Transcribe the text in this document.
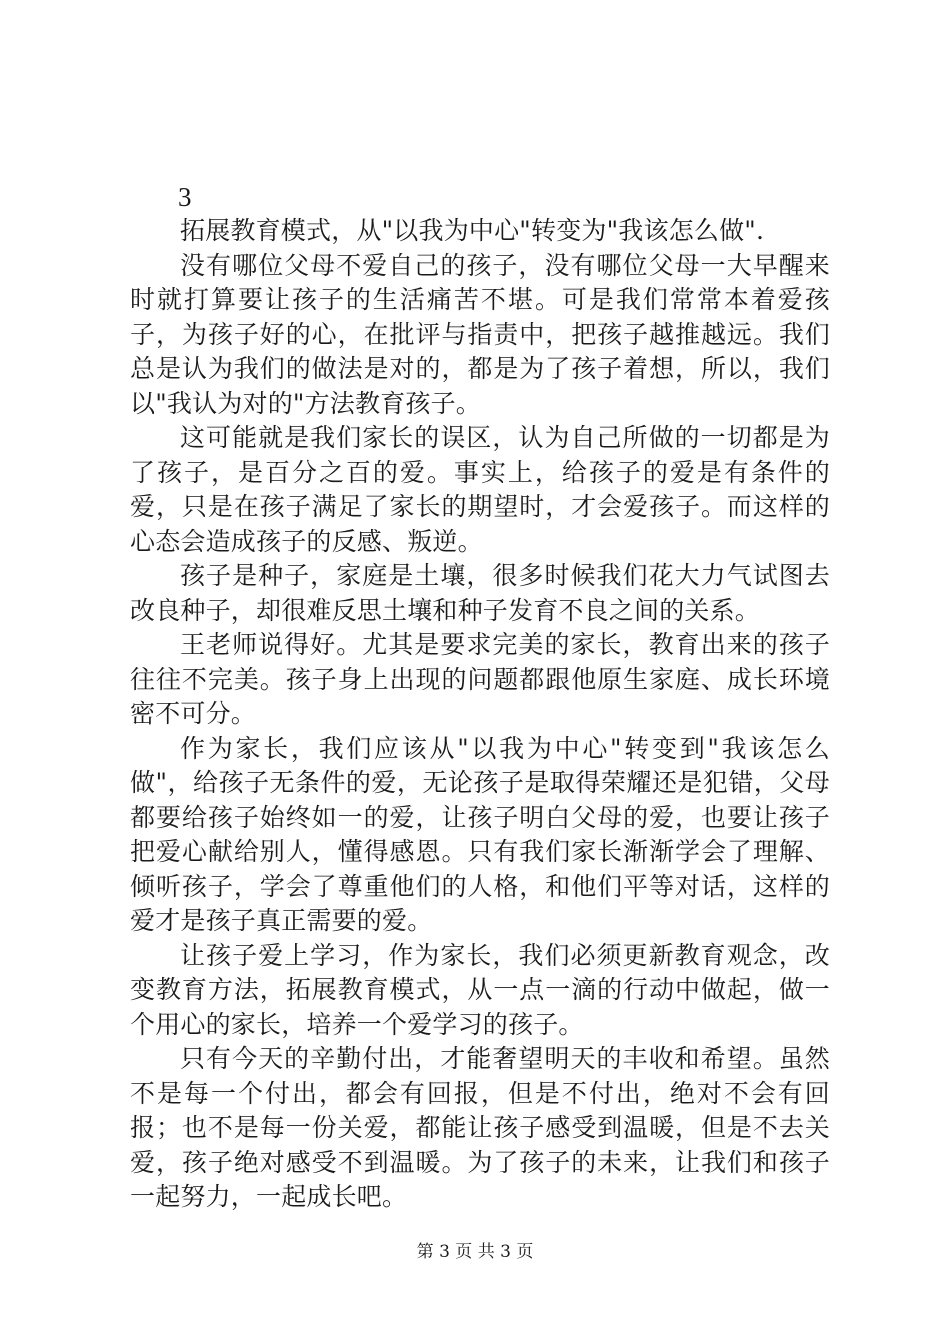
3

拓展教育模式，从"以我为中心"转变为"我该怎么做".

没有哪位父母不爱自己的孩子，没有哪位父母一大早醒来时就打算要让孩子的生活痛苦不堪。可是我们常常本着爱孩子，为孩子好的心，在批评与指责中，把孩子越推越远。我们总是认为我们的做法是对的，都是为了孩子着想，所以，我们以"我认为对的"方法教育孩子。

这可能就是我们家长的误区，认为自己所做的一切都是为了孩子，是百分之百的爱。事实上，给孩子的爱是有条件的爱，只是在孩子满足了家长的期望时，才会爱孩子。而这样的心态会造成孩子的反感、叛逆。

孩子是种子，家庭是土壤，很多时候我们花大力气试图去改良种子，却很难反思土壤和种子发育不良之间的关系。

王老师说得好。尤其是要求完美的家长，教育出来的孩子往往不完美。孩子身上出现的问题都跟他原生家庭、成长环境密不可分。

作为家长，我们应该从"以我为中心"转变到"我该怎么做"，给孩子无条件的爱，无论孩子是取得荣耀还是犯错，父母都要给孩子始终如一的爱，让孩子明白父母的爱，也要让孩子把爱心献给别人，懂得感恩。只有我们家长渐渐学会了理解、倾听孩子，学会了尊重他们的人格，和他们平等对话，这样的爱才是孩子真正需要的爱。

让孩子爱上学习，作为家长，我们必须更新教育观念，改变教育方法，拓展教育模式，从一点一滴的行动中做起，做一个用心的家长，培养一个爱学习的孩子。

只有今天的辛勤付出，才能奢望明天的丰收和希望。虽然不是每一个付出，都会有回报，但是不付出，绝对不会有回报；也不是每一份关爱，都能让孩子感受到温暖，但是不去关爱，孩子绝对感受不到温暖。为了孩子的未来，让我们和孩子一起努力，一起成长吧。

第 3 页 共 3 页
